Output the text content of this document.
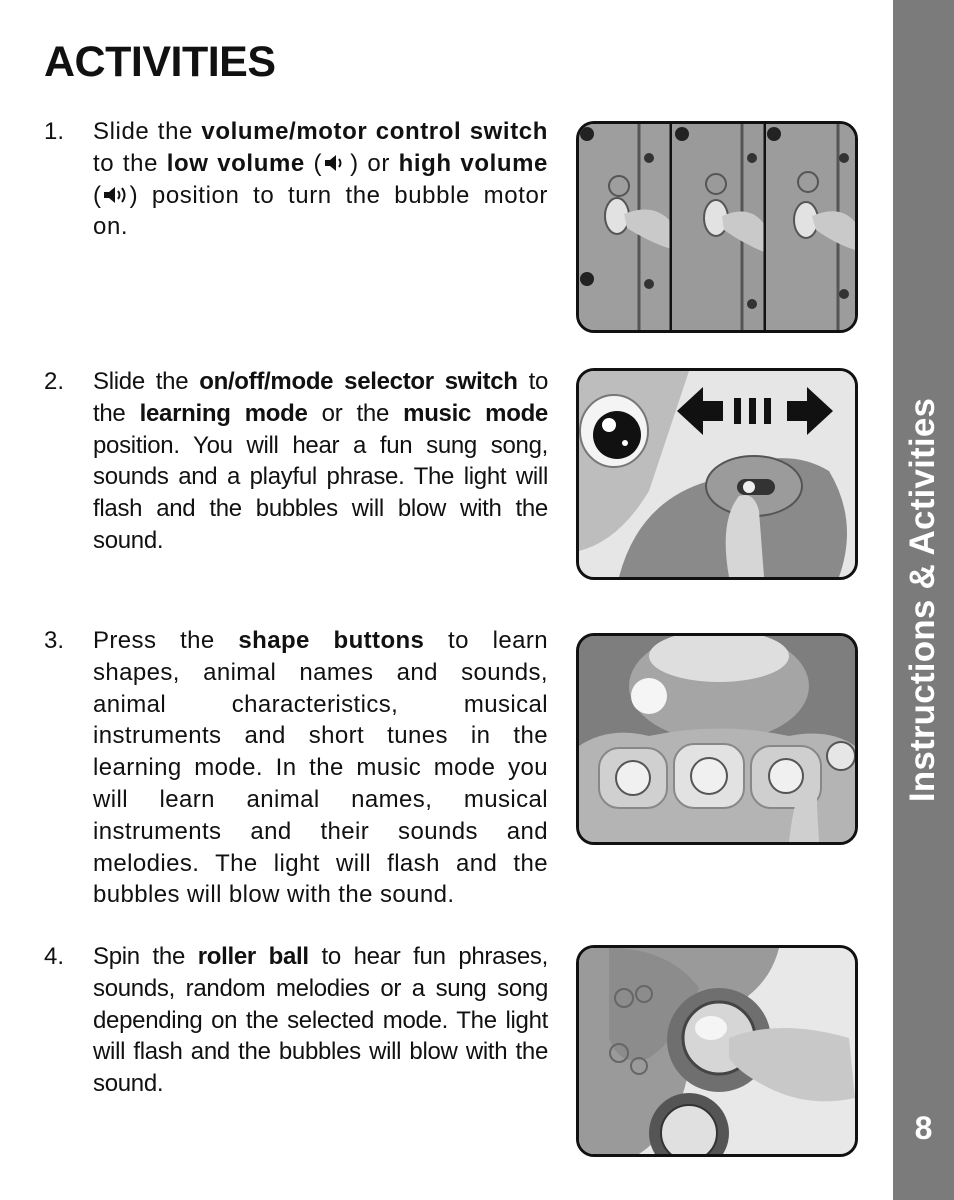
ACTIVITIES
1. Slide the volume/motor control switch to the low volume ( ) or high volume ( ) position to turn the bubble motor on.
2. Slide the on/off/mode selector switch to the learning mode or the music mode position. You will hear a fun sung song, sounds and a playful phrase. The light will flash and the bubbles will blow with the sound.
3. Press the shape buttons to learn shapes, animal names and sounds, animal characteristics, musical instruments and short tunes in the learning mode. In the music mode you will learn animal names, musical instruments and their sounds and melodies. The light will flash and the bubbles will blow with the sound.
4. Spin the roller ball to hear fun phrases, sounds, random melodies or a sung song depending on the selected mode. The light will flash and the bubbles will blow with the sound.
Instructions & Activities
8
